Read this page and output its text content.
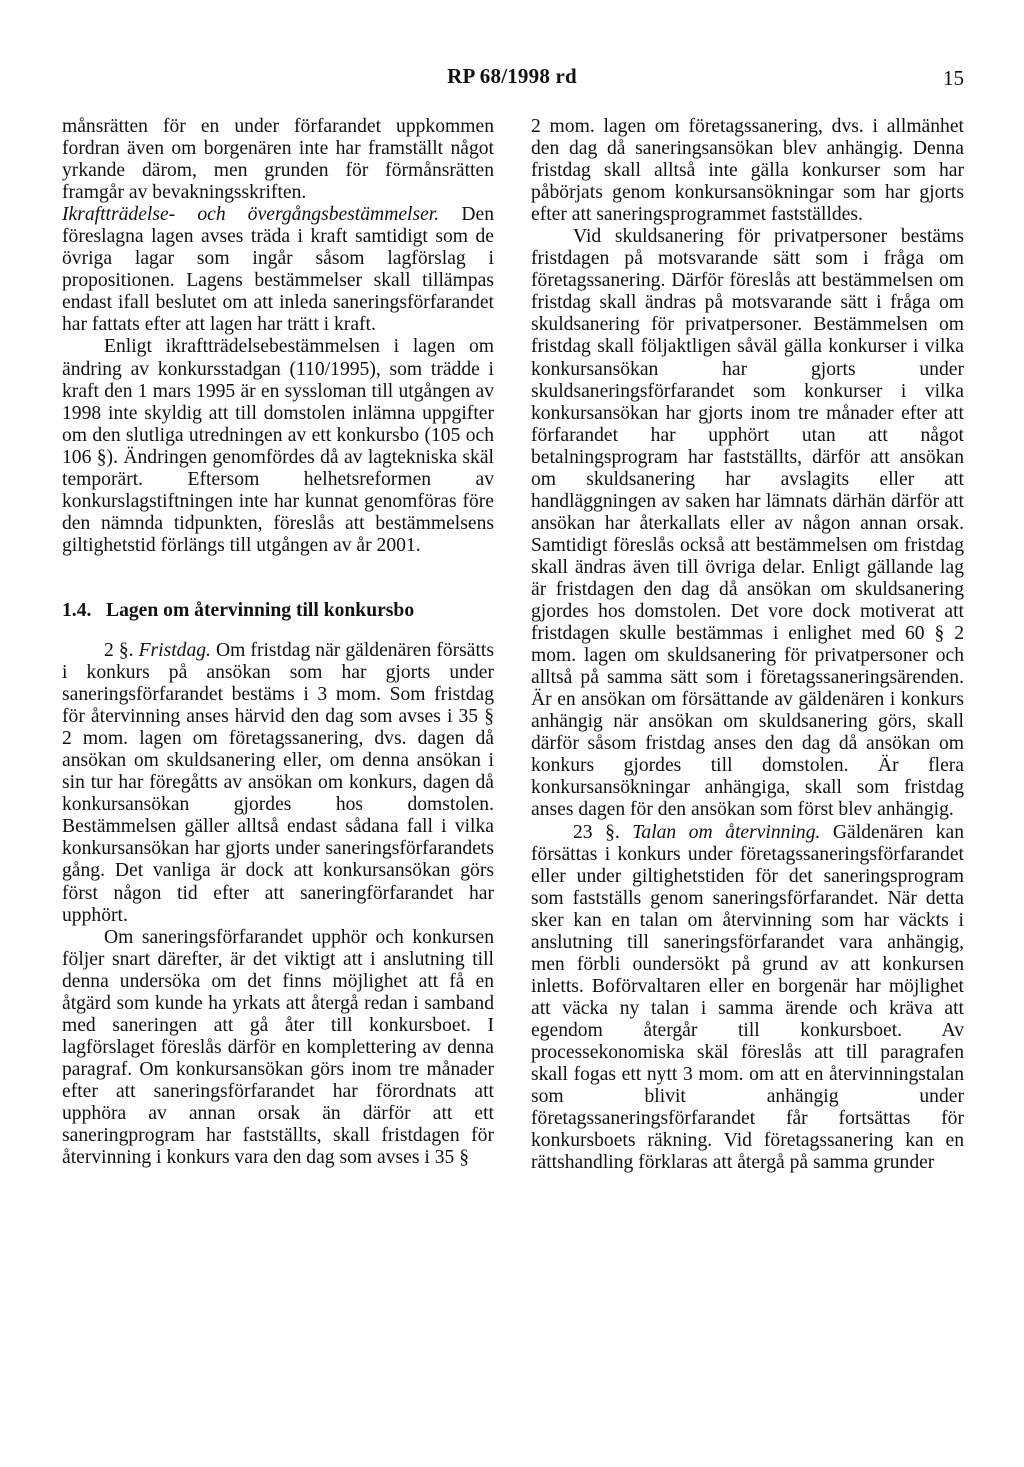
RP 68/1998 rd	15

månsrätten för en under förfarandet uppkommen fordran även om borgenären inte har framställt något yrkande därom, men grunden för förmånsrätten framgår av bevakningsskriften.

Ikraftträdelse- och övergångsbestämmelser. Den föreslagna lagen avses träda i kraft samtidigt som de övriga lagar som ingår såsom lagförslag i propositionen. Lagens bestämmelser skall tillämpas endast ifall beslutet om att inleda saneringsförfarandet har fattats efter att lagen har trätt i kraft.

Enligt ikraftträdelsebestämmelsen i lagen om ändring av konkursstadgan (110/1995), som trädde i kraft den 1 mars 1995 är en syssloman till utgången av 1998 inte skyldig att till domstolen inlämna uppgifter om den slutliga utredningen av ett konkursbo (105 och 106 §). Ändringen genomfördes då av lagtekniska skäl temporärt. Eftersom helhetsreformen av konkurslagstiftningen inte har kunnat genomföras före den nämnda tidpunkten, föreslås att bestämmelsens giltighetstid förlängs till utgången av år 2001.

1.4. Lagen om återvinning till konkursbo

2 §. Fristdag. Om fristdag när gäldenären försätts i konkurs på ansökan som har gjorts under saneringsförfarandet bestäms i 3 mom. Som fristdag för återvinning anses härvid den dag som avses i 35 § 2 mom. lagen om företagssanering, dvs. dagen då ansökan om skuldsanering eller, om denna ansökan i sin tur har föregåtts av ansökan om konkurs, dagen då konkursansökan gjordes hos domstolen. Bestämmelsen gäller alltså endast sådana fall i vilka konkursansökan har gjorts under saneringsförfarandets gång. Det vanliga är dock att konkursansökan görs först någon tid efter att saneringförfarandet har upphört.

Om saneringsförfarandet upphör och konkursen följer snart därefter, är det viktigt att i anslutning till denna undersöka om det finns möjlighet att få en åtgärd som kunde ha yrkats att återgå redan i samband med saneringen att gå åter till konkursboet. I lagförslaget föreslås därför en komplettering av denna paragraf. Om konkursansökan görs inom tre månader efter att saneringsförfarandet har förordnats att upphöra av annan orsak än därför att ett saneringprogram har fastställts, skall fristdagen för återvinning i konkurs vara den dag som avses i 35 §

2 mom. lagen om företagssanering, dvs. i allmänhet den dag då saneringsansökan blev anhängig. Denna fristdag skall alltså inte gälla konkurser som har påbörjats genom konkursansökningar som har gjorts efter att saneringsprogrammet fastställdes.

Vid skuldsanering för privatpersoner bestäms fristdagen på motsvarande sätt som i fråga om företagssanering. Därför föreslås att bestämmelsen om fristdag skall ändras på motsvarande sätt i fråga om skuldsanering för privatpersoner. Bestämmelsen om fristdag skall följaktligen såväl gälla konkurser i vilka konkursansökan har gjorts under skuldsaneringsförfarandet som konkurser i vilka konkursansökan har gjorts inom tre månader efter att förfarandet har upphört utan att något betalningsprogram har fastställts, därför att ansökan om skuldsanering har avslagits eller att handläggningen av saken har lämnats därhän därför att ansökan har återkallats eller av någon annan orsak. Samtidigt föreslås också att bestämmelsen om fristdag skall ändras även till övriga delar. Enligt gällande lag är fristdagen den dag då ansökan om skuldsanering gjordes hos domstolen. Det vore dock motiverat att fristdagen skulle bestämmas i enlighet med 60 § 2 mom. lagen om skuldsanering för privatpersoner och alltså på samma sätt som i företagssaneringsärenden. Är en ansökan om försättande av gäldenären i konkurs anhängig när ansökan om skuldsanering görs, skall därför såsom fristdag anses den dag då ansökan om konkurs gjordes till domstolen. Är flera konkursansökningar anhängiga, skall som fristdag anses dagen för den ansökan som först blev anhängig.

23 §. Talan om återvinning. Gäldenären kan försättas i konkurs under företagssaneringsförfarandet eller under giltighetstiden för det saneringsprogram som fastställs genom saneringsförfarandet. När detta sker kan en talan om återvinning som har väckts i anslutning till saneringsförfarandet vara anhängig, men förbli oundersökt på grund av att konkursen inletts. Boförvaltaren eller en borgenär har möjlighet att väcka ny talan i samma ärende och kräva att egendom återgår till konkursboet. Av processekonomiska skäl föreslås att till paragrafen skall fogas ett nytt 3 mom. om att en återvinningstalan som blivit anhängig under företagssaneringsförfarandet får fortsättas för konkursboets räkning. Vid företagssanering kan en rättshandling förklaras att återgå på samma grunder
